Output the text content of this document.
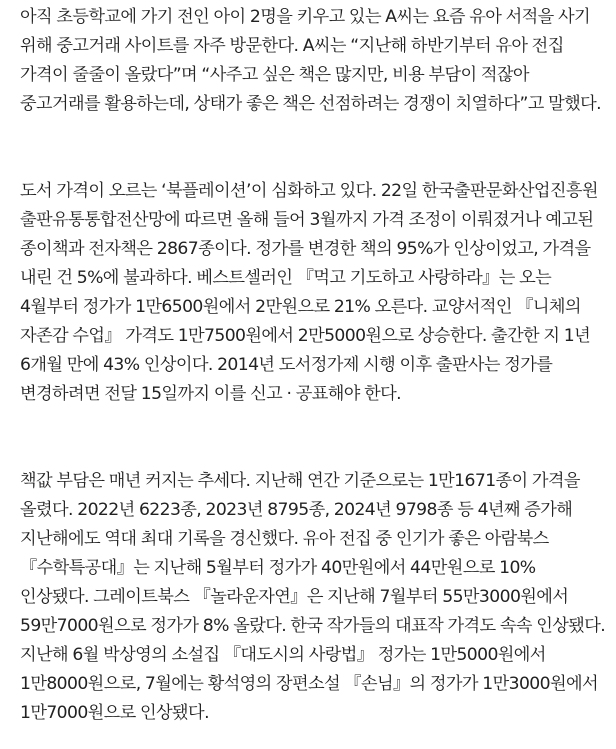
아직 초등학교에 가기 전인 아이 2명을 키우고 있는 A씨는 요즘 유아 서적을 사기
위해 중고거래 사이트를 자주 방문한다. A씨는 “지난해 하반기부터 유아 전집
가격이 줄줄이 올랐다”며 “사주고 싶은 책은 많지만, 비용 부담이 적잖아
중고거래를 활용하는데, 상태가 좋은 책은 선점하려는 경쟁이 치열하다”고 말했다.

도서 가격이 오르는 ‘북플레이션’이 심화하고 있다. 22일 한국출판문화산업진흥원
출판유통통합전산망에 따르면 올해 들어 3월까지 가격 조정이 이뤄졌거나 예고된
종이책과 전자책은 2867종이다. 정가를 변경한 책의 95%가 인상이었고, 가격을
내린 건 5%에 불과하다. 베스트셀러인 『먹고 기도하고 사랑하라』는 오는
4월부터 정가가 1만6500원에서 2만원으로 21% 오른다. 교양서적인 『니체의
자존감 수업』 가격도 1만7500원에서 2만5000원으로 상승한다. 출간한 지 1년
6개월 만에 43% 인상이다. 2014년 도서정가제 시행 이후 출판사는 정가를
변경하려면 전달 15일까지 이를 신고 · 공표해야 한다.

책값 부담은 매년 커지는 추세다. 지난해 연간 기준으로는 1만1671종이 가격을
올렸다. 2022년 6223종, 2023년 8795종, 2024년 9798종 등 4년째 증가해
지난해에도 역대 최대 기록을 경신했다. 유아 전집 중 인기가 좋은 아람북스
『수학특공대』는 지난해 5월부터 정가가 40만원에서 44만원으로 10%
인상됐다. 그레이트북스 『놀라운자연』은 지난해 7월부터 55만3000원에서
59만7000원으로 정가가 8% 올랐다. 한국 작가들의 대표작 가격도 속속 인상됐다.
지난해 6월 박상영의 소설집 『대도시의 사랑법』 정가는 1만5000원에서
1만8000원으로, 7월에는 황석영의 장편소설 『손님』의 정가가 1만3000원에서
1만7000원으로 인상됐다.
